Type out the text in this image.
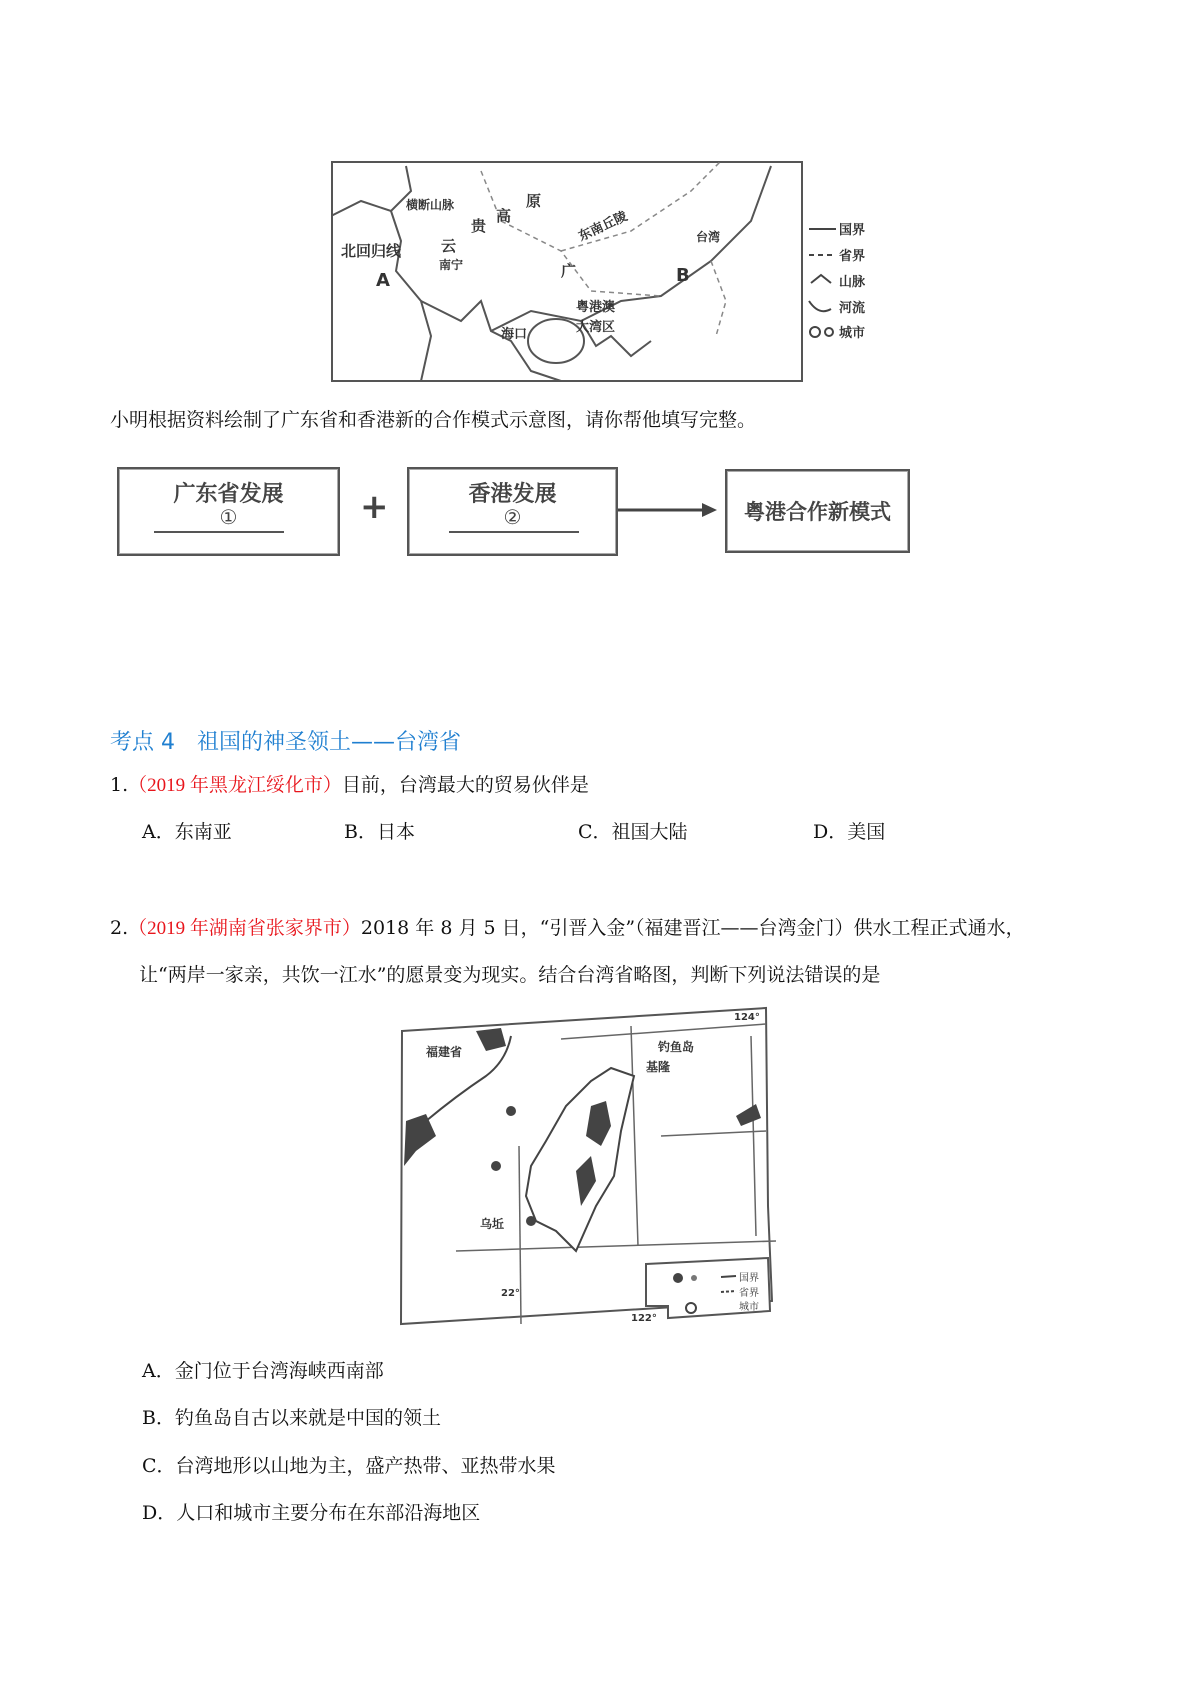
北回归线
A	B
横断山脉
高
原
贵
云
南宁
东南丘陵
广
台湾
海口
粤港澳
大湾区
国界
省界
山脉
河流
城市
小明根据资料绘制了广东省和香港新的合作模式示意图，请你帮他填写完整。
广东省发展
①	+	香港发展
②	粤港合作新模式
考点 4　祖国的神圣领土——台湾省
1.（2019 年黑龙江绥化市）目前，台湾最大的贸易伙伴是
A．东南亚	B．日本	C．祖国大陆	D．美国
2.（2019 年湖南省张家界市）2018 年 8 月 5 日，“引晋入金”（福建晋江——台湾金门）供水工程正式通水，
让“两岸一家亲，共饮一江水”的愿景变为现实。结合台湾省略图，判断下列说法错误的是
福建省	钓鱼岛
基隆
乌坵
124°
122°
22°
国界
省界
城市
A．金门位于台湾海峡西南部
B．钓鱼岛自古以来就是中国的领土
C．台湾地形以山地为主，盛产热带、亚热带水果
D．人口和城市主要分布在东部沿海地区
